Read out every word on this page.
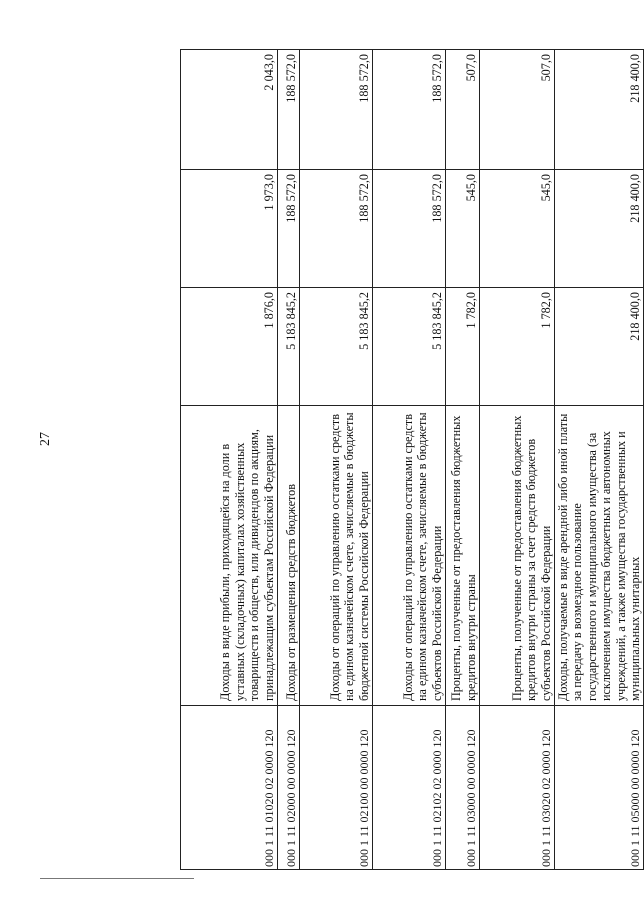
27
000 1 11 01020 02 0000 120	Доходы в виде прибыли, приходящейся на доли в уставных (складочных) капиталах хозяйственных товариществ и обществ, или дивидендов по акциям, принадлежащим субъектам Российской Федерации	1 876,0	1 973,0	2 043,0
000 1 11 02000 00 0000 120	Доходы от размещения средств бюджетов	5 183 845,2	188 572,0	188 572,0
000 1 11 02100 00 0000 120	Доходы от операций по управлению остатками средств на едином казначейском счете, зачисляемые в бюджеты бюджетной системы Российской Федерации	5 183 845,2	188 572,0	188 572,0
000 1 11 02102 02 0000 120	Доходы от операций по управлению остатками средств на едином казначейском счете, зачисляемые в бюджеты субъектов Российской Федерации	5 183 845,2	188 572,0	188 572,0
000 1 11 03000 00 0000 120	Проценты, полученные от предоставления бюджетных кредитов внутри страны	1 782,0	545,0	507,0
000 1 11 03020 02 0000 120	Проценты, полученные от предоставления бюджетных кредитов внутри страны за счет средств бюджетов субъектов Российской Федерации	1 782,0	545,0	507,0
000 1 11 05000 00 0000 120	Доходы, получаемые в виде арендной либо иной платы за передачу в возмездное пользование государственного и муниципального имущества (за исключением имущества бюджетных и автономных учреждений, а также имущества государственных и муниципальных унитарных	218 400,0	218 400,0	218 400,0
